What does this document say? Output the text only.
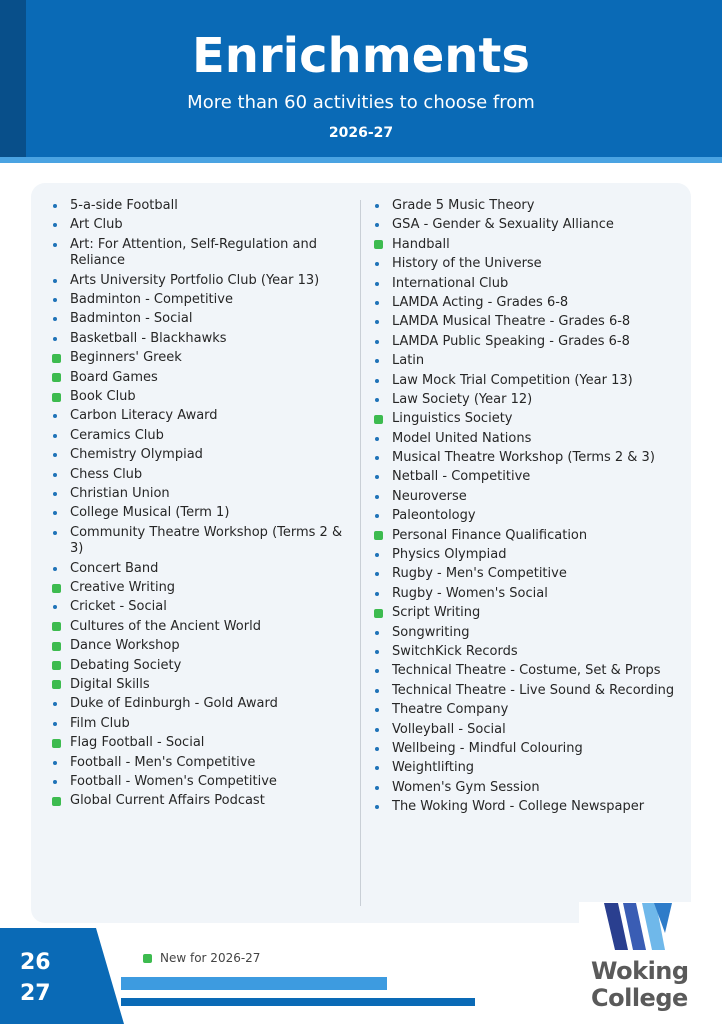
Enrichments
More than 60 activities to choose from
2026-27
5-a-side Football
Art Club
Art: For Attention, Self-Regulation and Reliance
Arts University Portfolio Club (Year 13)
Badminton - Competitive
Badminton - Social
Basketball - Blackhawks
Beginners' Greek
Board Games
Book Club
Carbon Literacy Award
Ceramics Club
Chemistry Olympiad
Chess Club
Christian Union
College Musical (Term 1)
Community Theatre Workshop (Terms 2 & 3)
Concert Band
Creative Writing
Cricket - Social
Cultures of the Ancient World
Dance Workshop
Debating Society
Digital Skills
Duke of Edinburgh - Gold Award
Film Club
Flag Football - Social
Football - Men's Competitive
Football - Women's Competitive
Global Current Affairs Podcast
Grade 5 Music Theory
GSA - Gender & Sexuality Alliance
Handball
History of the Universe
International Club
LAMDA Acting - Grades 6-8
LAMDA Musical Theatre - Grades 6-8
LAMDA Public Speaking - Grades 6-8
Latin
Law Mock Trial Competition (Year 13)
Law Society (Year 12)
Linguistics Society
Model United Nations
Musical Theatre Workshop (Terms 2 & 3)
Netball - Competitive
Neuroverse
Paleontology
Personal Finance Qualification
Physics Olympiad
Rugby - Men's Competitive
Rugby - Women's Social
Script Writing
Songwriting
SwitchKick Records
Technical Theatre - Costume, Set & Props
Technical Theatre - Live Sound & Recording
Theatre Company
Volleyball - Social
Wellbeing - Mindful Colouring
Weightlifting
Women's Gym Session
The Woking Word - College Newspaper
26
27
New for 2026-27	Woking
College
